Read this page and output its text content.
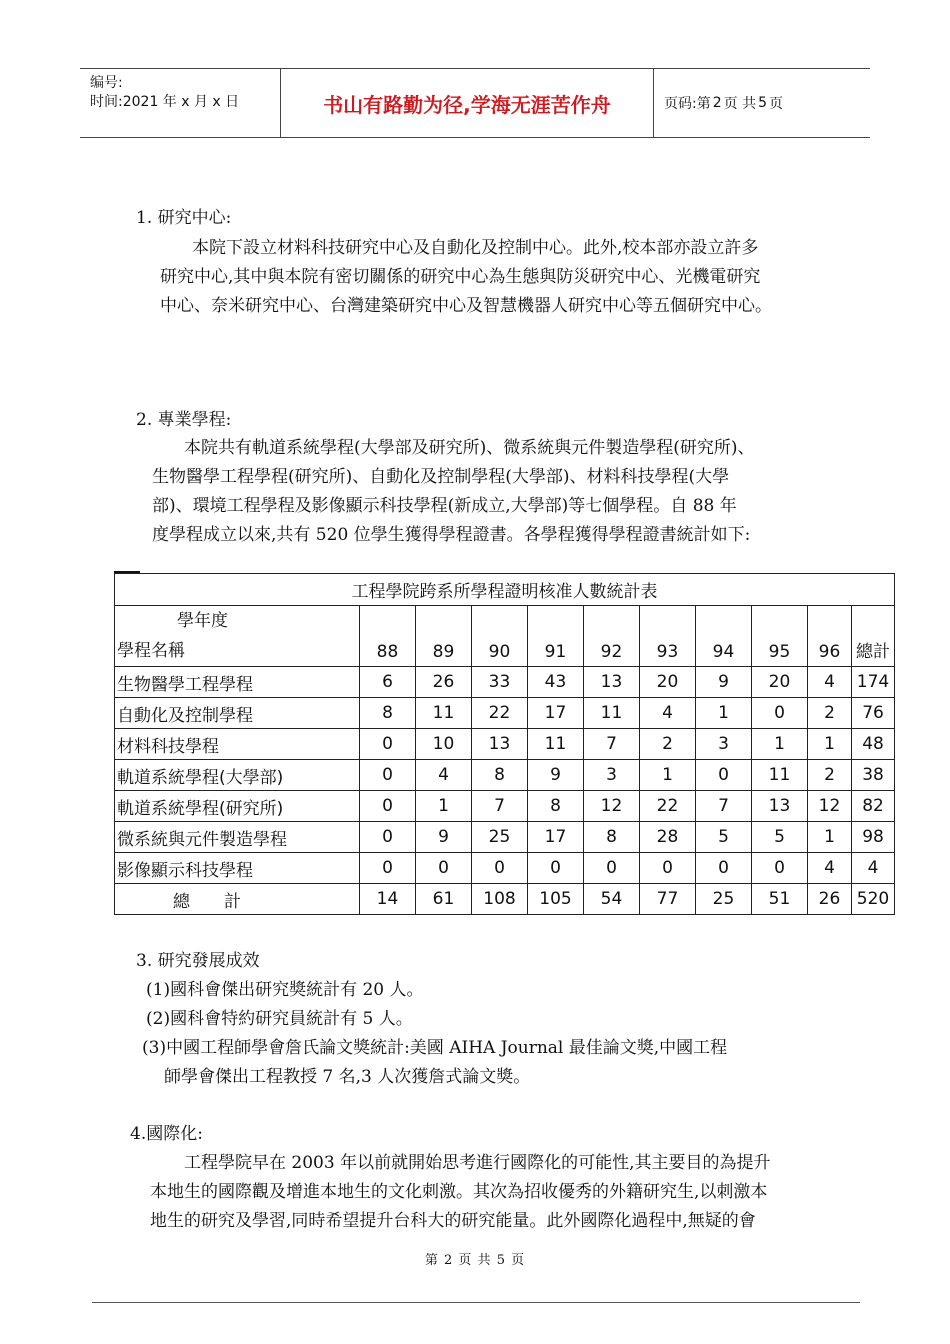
编号:
时间:2021 年 x 月 x 日	书山有路勤为径,学海无涯苦作舟	页码:第 2 页 共 5 页
1. 研究中心:
本院下設立材料科技研究中心及自動化及控制中心。此外,校本部亦設立許多
研究中心,其中與本院有密切關係的研究中心為生態與防災研究中心、光機電研究
中心、奈米研究中心、台灣建築研究中心及智慧機器人研究中心等五個研究中心。
2. 專業學程:
本院共有軌道系統學程(大學部及研究所)、微系統與元件製造學程(研究所)、
生物醫學工程學程(研究所)、自動化及控制學程(大學部)、材料科技學程(大學
部)、環境工程學程及影像顯示科技學程(新成立,大學部)等七個學程。自 88 年
度學程成立以來,共有 520 位學生獲得學程證書。各學程獲得學程證書統計如下:
工程學院跨系所學程證明核准人數統計表										

學年度
學程名稱	88	89	90	91	92	93	94	95	96	總計
生物醫學工程學程	6	26	33	43	13	20	9	20	4	174
自動化及控制學程	8	11	22	17	11	4	1	0	2	76
材料科技學程	0	10	13	11	7	2	3	1	1	48
軌道系統學程(大學部)	0	4	8	9	3	1	0	11	2	38
軌道系統學程(研究所)	0	1	7	8	12	22	7	13	12	82
微系統與元件製造學程	0	9	25	17	8	28	5	5	1	98
影像顯示科技學程	0	0	0	0	0	0	0	0	4	4
總　　計	14	61	108	105	54	77	25	51	26	520
3. 研究發展成效
(1)國科會傑出研究獎統計有 20 人。
(2)國科會特約研究員統計有 5 人。
(3)中國工程師學會詹氏論文獎統計:美國 AIHA Journal 最佳論文獎,中國工程
師學會傑出工程教授 7 名,3 人次獲詹式論文獎。
4.國際化:
工程學院早在 2003 年以前就開始思考進行國際化的可能性,其主要目的為提升
本地生的國際觀及增進本地生的文化刺激。其次為招收優秀的外籍研究生,以刺激本
地生的研究及學習,同時希望提升台科大的研究能量。此外國際化過程中,無疑的會
第 2 页 共 5 页
